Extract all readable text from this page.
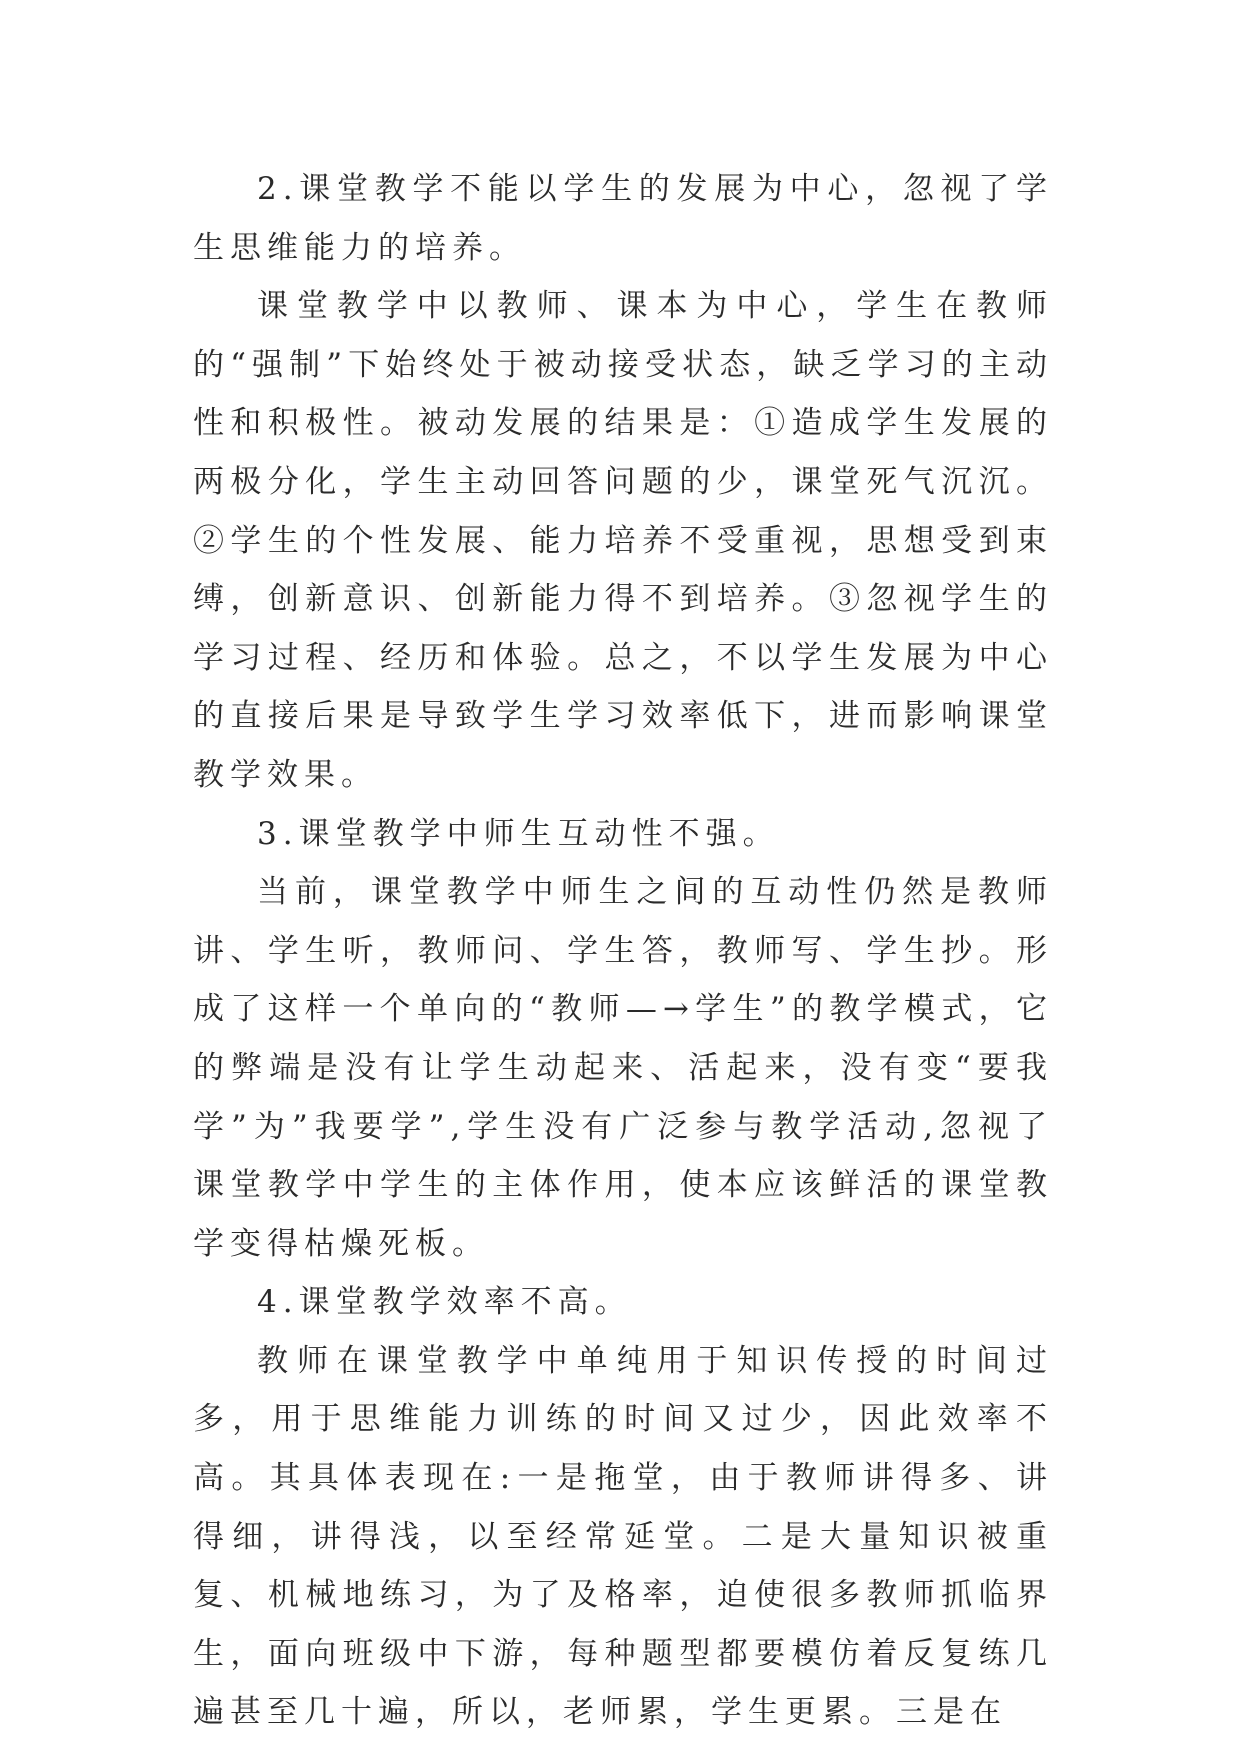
2.课堂教学不能以学生的发展为中心，忽视了学生思维能力的培养。

课堂教学中以教师、课本为中心，学生在教师的“强制”下始终处于被动接受状态，缺乏学习的主动性和积极性。被动发展的结果是：①造成学生发展的两极分化，学生主动回答问题的少，课堂死气沉沉。②学生的个性发展、能力培养不受重视，思想受到束缚，创新意识、创新能力得不到培养。③忽视学生的学习过程、经历和体验。总之，不以学生发展为中心的直接后果是导致学生学习效率低下，进而影响课堂教学效果。

3.课堂教学中师生互动性不强。

当前，课堂教学中师生之间的互动性仍然是教师讲、学生听，教师问、学生答，教师写、学生抄。形成了这样一个单向的“教师—→学生”的教学模式，它的弊端是没有让学生动起来、活起来，没有变“要我学”为”我要学”,学生没有广泛参与教学活动,忽视了课堂教学中学生的主体作用，使本应该鲜活的课堂教学变得枯燥死板。

4.课堂教学效率不高。

教师在课堂教学中单纯用于知识传授的时间过多，用于思维能力训练的时间又过少，因此效率不高。其具体表现在:一是拖堂，由于教师讲得多、讲得细，讲得浅，以至经常延堂。二是大量知识被重复、机械地练习，为了及格率，迫使很多教师抓临界生，面向班级中下游，每种题型都要模仿着反复练几遍甚至几十遍，所以，老师累，学生更累。三是在
